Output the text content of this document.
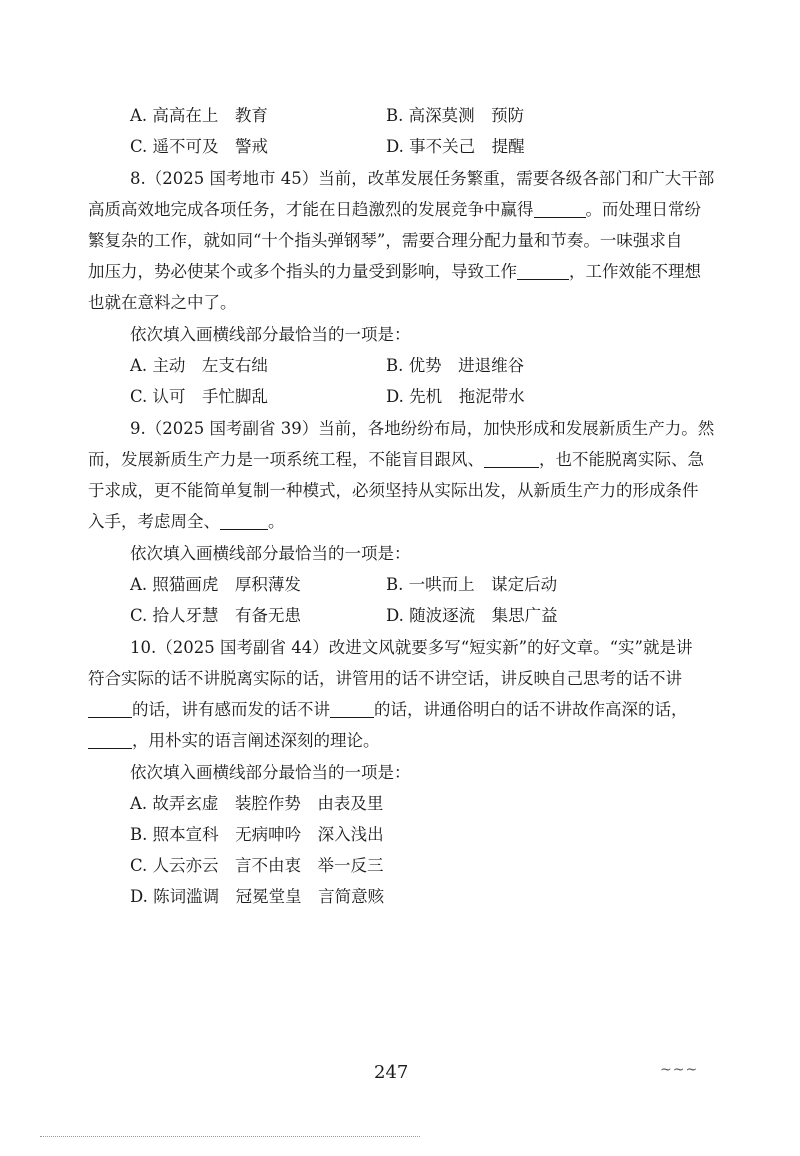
A. 高高在上　教育	B. 高深莫测　预防
C. 遥不可及　警戒	D. 事不关己　提醒
8.（2025 国考地市 45）当前，改革发展任务繁重，需要各级各部门和广大干部
高质高效地完成各项任务，才能在日趋激烈的发展竞争中赢得	。而处理日常纷
繁复杂的工作，就如同“十个指头弹钢琴”，需要合理分配力量和节奏。一味强求自
加压力，势必使某个或多个指头的力量受到影响，导致工作	，工作效能不理想
也就在意料之中了。
依次填入画横线部分最恰当的一项是：
A. 主动　左支右绌	B. 优势　进退维谷
C. 认可　手忙脚乱	D. 先机　拖泥带水
9.（2025 国考副省 39）当前，各地纷纷布局，加快形成和发展新质生产力。然
而，发展新质生产力是一项系统工程，不能盲目跟风、	，也不能脱离实际、急
于求成，更不能简单复制一种模式，必须坚持从实际出发，从新质生产力的形成条件
入手，考虑周全、	。
依次填入画横线部分最恰当的一项是：
A. 照猫画虎　厚积薄发	B. 一哄而上　谋定后动
C. 拾人牙慧　有备无患	D. 随波逐流　集思广益
10.（2025 国考副省 44）改进文风就要多写“短实新”的好文章。“实”就是讲
符合实际的话不讲脱离实际的话，讲管用的话不讲空话，讲反映自己思考的话不讲
的话，讲有感而发的话不讲	的话，讲通俗明白的话不讲故作高深的话，
，用朴实的语言阐述深刻的理论。
依次填入画横线部分最恰当的一项是：
A. 故弄玄虚　装腔作势　由表及里
B. 照本宣科　无病呻吟　深入浅出
C. 人云亦云　言不由衷　举一反三
D. 陈词滥调　冠冕堂皇　言简意赅
247	~~~
